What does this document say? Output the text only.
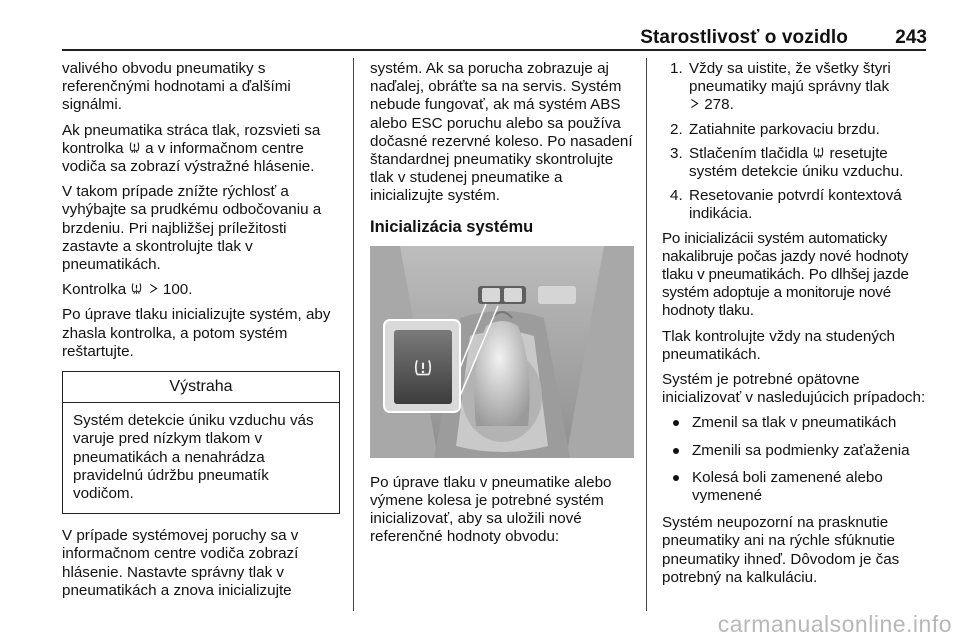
Starostlivosť o vozidlo 243

valivého obvodu pneumatiky s referenčnými hodnotami a ďalšími signálmi.

Ak pneumatika stráca tlak, rozsvieti sa kontrolka a v informačnom centre vodiča sa zobrazí výstražné hlásenie.

V takom prípade znížte rýchlosť a vyhýbajte sa prudkému odbočovaniu a brzdeniu. Pri najbližšej príležitosti zastavte a skontrolujte tlak v pneumatikách.

Kontrolka 100.

Po úprave tlaku inicializujte systém, aby zhasla kontrolka, a potom systém reštartujte.

Výstraha
Systém detekcie úniku vzduchu vás varuje pred nízkym tlakom v pneumatikách a nenahrádza pravidelnú údržbu pneumatík vodičom.

V prípade systémovej poruchy sa v informačnom centre vodiča zobrazí hlásenie. Nastavte správny tlak v pneumatikách a znova inicializujte

systém. Ak sa porucha zobrazuje aj naďalej, obráťte sa na servis. Systém nebude fungovať, ak má systém ABS alebo ESC poruchu alebo sa používa dočasné rezervné koleso. Po nasadení štandardnej pneumatiky skontrolujte tlak v studenej pneumatike a inicializujte systém.

Inicializácia systému

Po úprave tlaku v pneumatike alebo výmene kolesa je potrebné systém inicializovať, aby sa uložili nové referenčné hodnoty obvodu:

1. Vždy sa uistite, že všetky štyri pneumatiky majú správny tlak
278.
2. Zatiahnite parkovaciu brzdu.
3. Stlačením tlačidla resetujte systém detekcie úniku vzduchu.
4. Resetovanie potvrdí kontextová indikácia.

Po inicializácii systém automaticky nakalibruje počas jazdy nové hodnoty tlaku v pneumatikách. Po dlhšej jazde systém adoptuje a monitoruje nové hodnoty tlaku.

Tlak kontrolujte vždy na studených pneumatikách.

Systém je potrebné opätovne inicializovať v nasledujúcich prípadoch:

Zmenil sa tlak v pneumatikách
Zmenili sa podmienky zaťaženia
Kolesá boli zamenené alebo vymenené

Systém neupozorní na prasknutie pneumatiky ani na rýchle sfúknutie pneumatiky ihneď. Dôvodom je čas potrebný na kalkuláciu.

carmanualsonline.info
